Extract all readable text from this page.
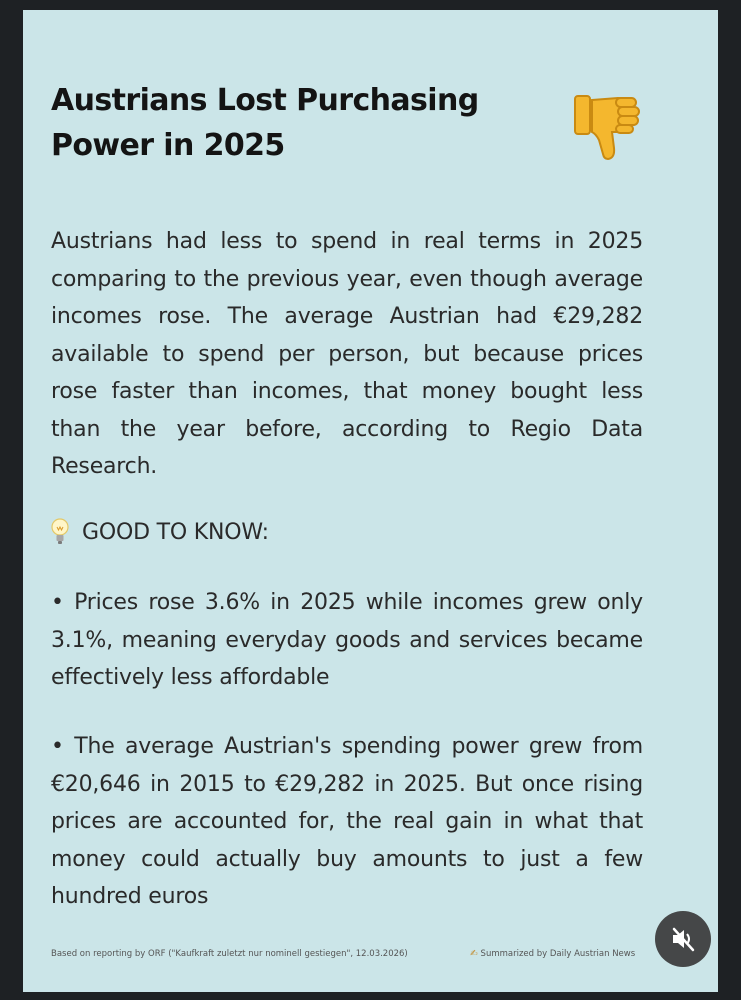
Austrians Lost Purchasing Power in 2025

Austrians had less to spend in real terms in 2025 comparing to the previous year, even though average incomes rose. The average Austrian had €29,282 available to spend per person, but because prices rose faster than incomes, that money bought less than the year before, according to Regio Data Research.

GOOD TO KNOW:

• Prices rose 3.6% in 2025 while incomes grew only 3.1%, meaning everyday goods and services became effectively less affordable

• The average Austrian's spending power grew from €20,646 in 2015 to €29,282 in 2025. But once rising prices are accounted for, the real gain in what that money could actually buy amounts to just a few hundred euros

Based on reporting by ORF ("Kaufkraft zuletzt nur nominell gestiegen", 12.03.2026)	✍ Summarized by Daily Austrian News
